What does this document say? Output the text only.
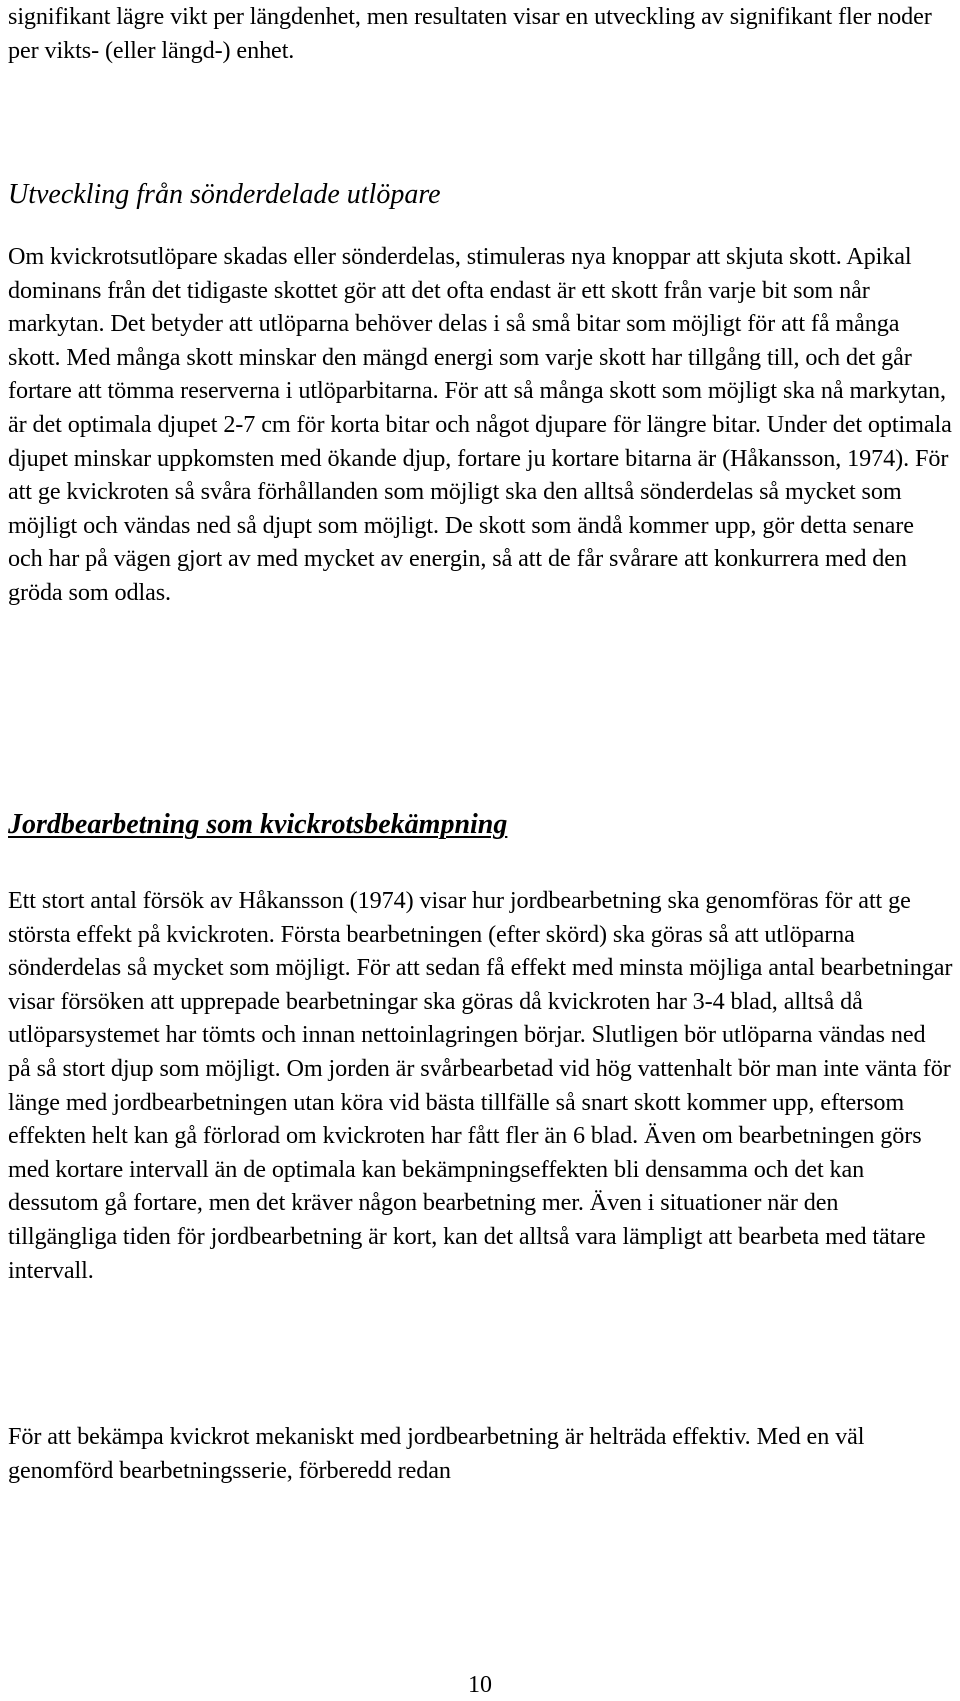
signifikant lägre vikt per längdenhet, men resultaten visar en utveckling av signifikant fler noder per vikts- (eller längd-) enhet.

Utveckling från sönderdelade utlöpare

Om kvickrotsutlöpare skadas eller sönderdelas, stimuleras nya knoppar att skjuta skott. Apikal dominans från det tidigaste skottet gör att det ofta endast är ett skott från varje bit som når markytan. Det betyder att utlöparna behöver delas i så små bitar som möjligt för att få många skott. Med många skott minskar den mängd energi som varje skott har tillgång till, och det går fortare att tömma reserverna i utlöparbitarna. För att så många skott som möjligt ska nå markytan, är det optimala djupet 2-7 cm för korta bitar och något djupare för längre bitar. Under det optimala djupet minskar uppkomsten med ökande djup, fortare ju kortare bitarna är (Håkansson, 1974). För att ge kvickroten så svåra förhållanden som möjligt ska den alltså sönderdelas så mycket som möjligt och vändas ned så djupt som möjligt. De skott som ändå kommer upp, gör detta senare och har på vägen gjort av med mycket av energin, så att de får svårare att konkurrera med den gröda som odlas.

Jordbearbetning som kvickrotsbekämpning

Ett stort antal försök av Håkansson (1974) visar hur jordbearbetning ska genomföras för att ge största effekt på kvickroten. Första bearbetningen (efter skörd) ska göras så att utlöparna sönderdelas så mycket som möjligt. För att sedan få effekt med minsta möjliga antal bearbetningar visar försöken att upprepade bearbetningar ska göras då kvickroten har 3-4 blad, alltså då utlöparsystemet har tömts och innan nettoinlagringen börjar. Slutligen bör utlöparna vändas ned på så stort djup som möjligt. Om jorden är svårbearbetad vid hög vattenhalt bör man inte vänta för länge med jordbearbetningen utan köra vid bästa tillfälle så snart skott kommer upp, eftersom effekten helt kan gå förlorad om kvickroten har fått fler än 6 blad. Även om bearbetningen görs med kortare intervall än de optimala kan bekämpningseffekten bli densamma och det kan dessutom gå fortare, men det kräver någon bearbetning mer. Även i situationer när den tillgängliga tiden för jordbearbetning är kort, kan det alltså vara lämpligt att bearbeta med tätare intervall.

För att bekämpa kvickrot mekaniskt med jordbearbetning är helträda effektiv. Med en väl genomförd bearbetningsserie, förberedd redan

10
